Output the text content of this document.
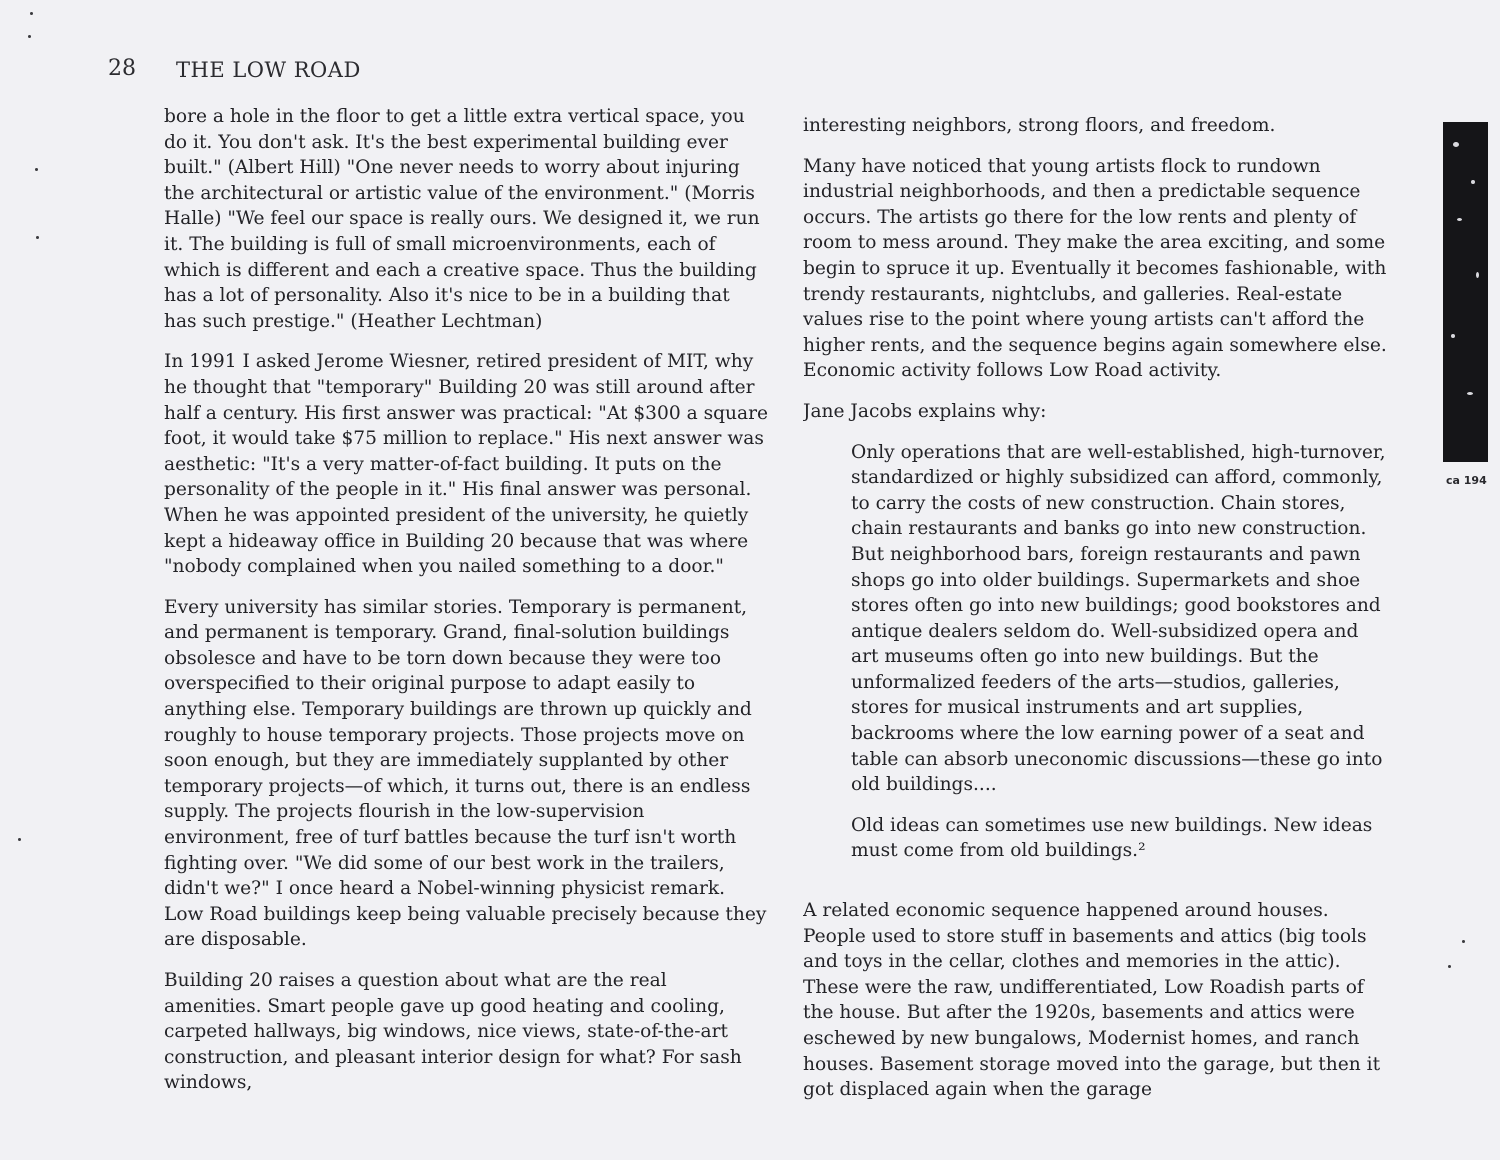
28 THE LOW ROAD

bore a hole in the floor to get a little extra vertical space, you do it. You don't ask. It's the best experimental building ever built." (Albert Hill) "One never needs to worry about injuring the architectural or artistic value of the environment." (Morris Halle) "We feel our space is really ours. We designed it, we run it. The building is full of small microenvironments, each of which is different and each a creative space. Thus the building has a lot of personality. Also it's nice to be in a building that has such prestige." (Heather Lechtman)

In 1991 I asked Jerome Wiesner, retired president of MIT, why he thought that "temporary" Building 20 was still around after half a century. His first answer was practical: "At $300 a square foot, it would take $75 million to replace." His next answer was aesthetic: "It's a very matter-of-fact building. It puts on the personality of the people in it." His final answer was personal. When he was appointed president of the university, he quietly kept a hideaway office in Building 20 because that was where "nobody complained when you nailed something to a door."

Every university has similar stories. Temporary is permanent, and permanent is temporary. Grand, final-solution buildings obsolesce and have to be torn down because they were too overspecified to their original purpose to adapt easily to anything else. Temporary buildings are thrown up quickly and roughly to house temporary projects. Those projects move on soon enough, but they are immediately supplanted by other temporary projects—of which, it turns out, there is an endless supply. The projects flourish in the low-supervision environment, free of turf battles because the turf isn't worth fighting over. "We did some of our best work in the trailers, didn't we?" I once heard a Nobel-winning physicist remark. Low Road buildings keep being valuable precisely because they are disposable.

Building 20 raises a question about what are the real amenities. Smart people gave up good heating and cooling, carpeted hallways, big windows, nice views, state-of-the-art construction, and pleasant interior design for what? For sash windows,

interesting neighbors, strong floors, and freedom.

Many have noticed that young artists flock to rundown industrial neighborhoods, and then a predictable sequence occurs. The artists go there for the low rents and plenty of room to mess around. They make the area exciting, and some begin to spruce it up. Eventually it becomes fashionable, with trendy restaurants, nightclubs, and galleries. Real-estate values rise to the point where young artists can't afford the higher rents, and the sequence begins again somewhere else. Economic activity follows Low Road activity.

Jane Jacobs explains why:

Only operations that are well-established, high-turnover, standardized or highly subsidized can afford, commonly, to carry the costs of new construction. Chain stores, chain restaurants and banks go into new construction. But neighborhood bars, foreign restaurants and pawn shops go into older buildings. Supermarkets and shoe stores often go into new buildings; good bookstores and antique dealers seldom do. Well-subsidized opera and art museums often go into new buildings. But the unformalized feeders of the arts—studios, galleries, stores for musical instruments and art supplies, backrooms where the low earning power of a seat and table can absorb uneconomic discussions—these go into old buildings....

Old ideas can sometimes use new buildings. New ideas must come from old buildings.²

A related economic sequence happened around houses. People used to store stuff in basements and attics (big tools and toys in the cellar, clothes and memories in the attic). These were the raw, undifferentiated, Low Roadish parts of the house. But after the 1920s, basements and attics were eschewed by new bungalows, Modernist homes, and ranch houses. Basement storage moved into the garage, but then it got displaced again when the garage

ca 194
